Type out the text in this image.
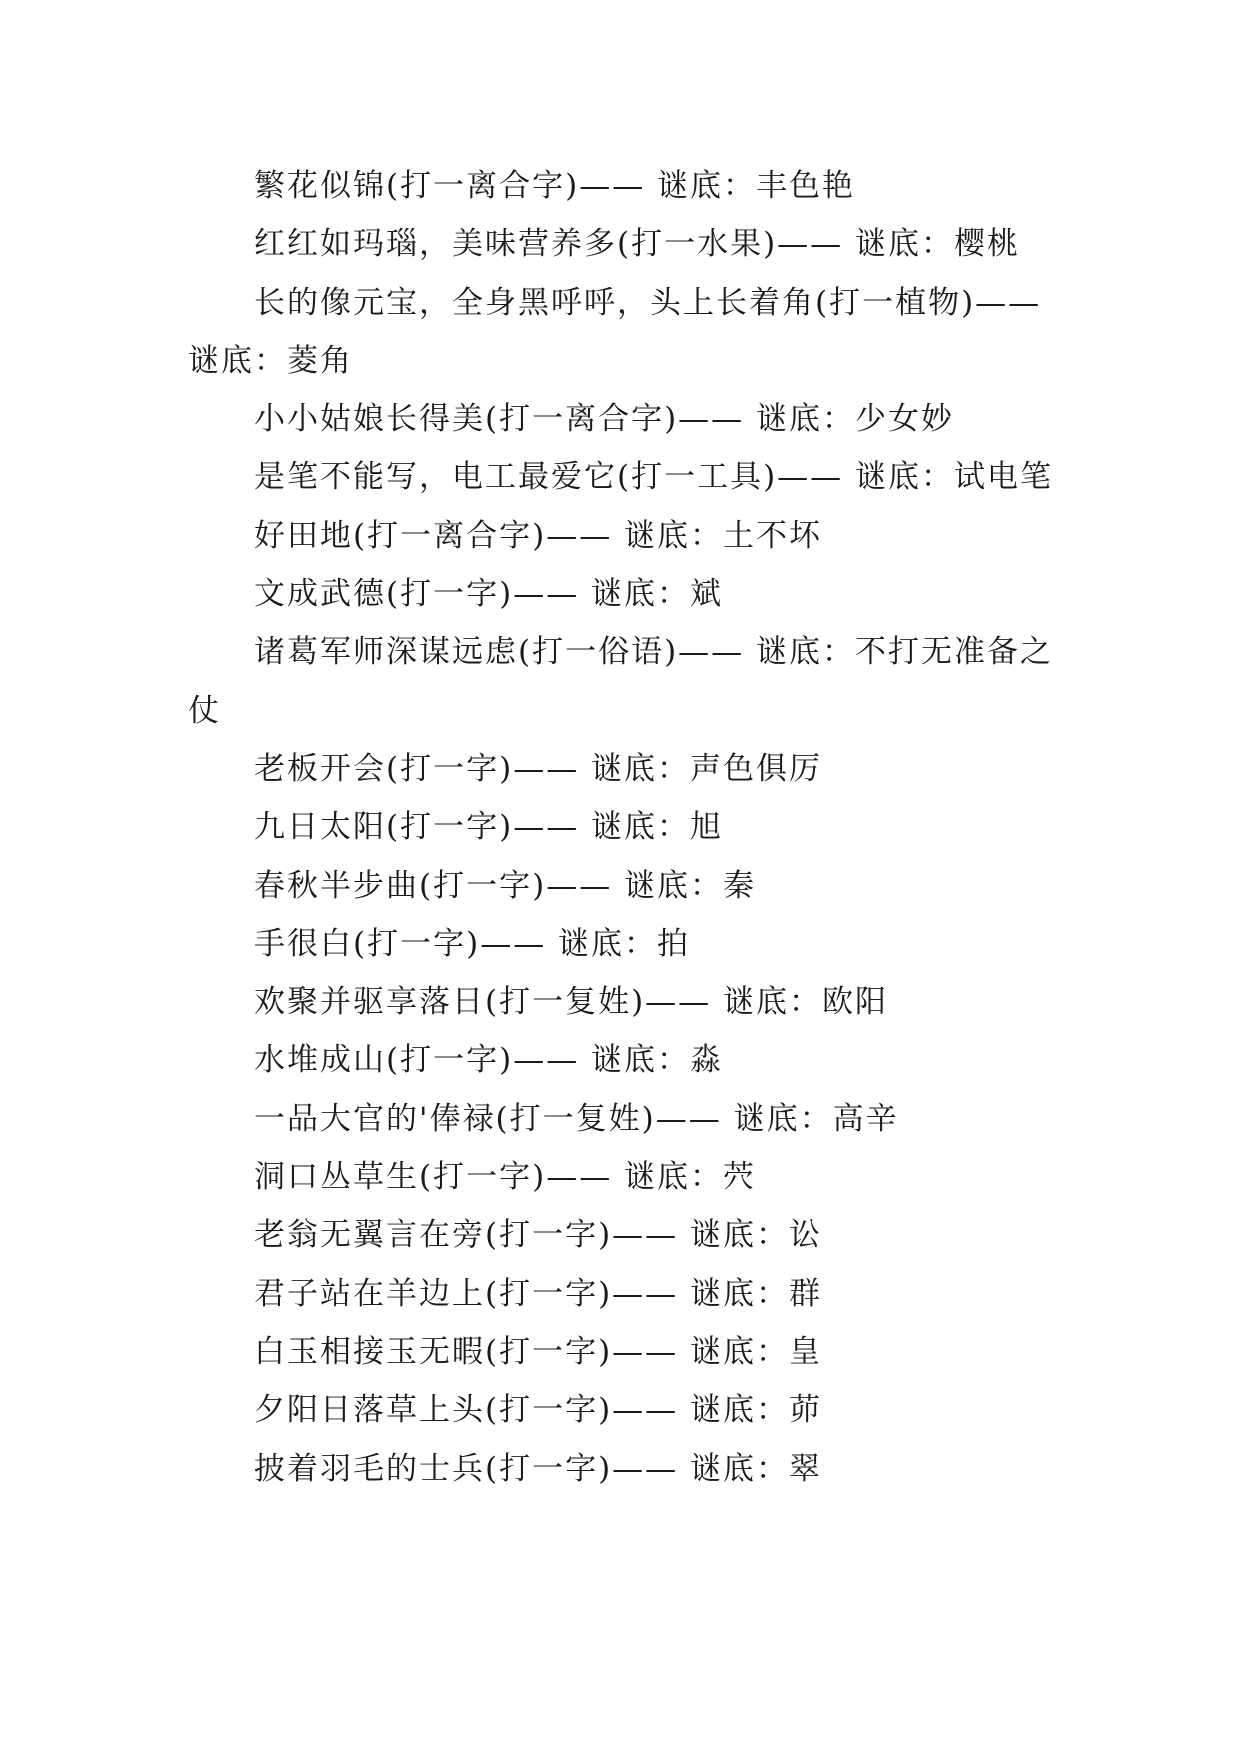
繁花似锦(打一离合字)—— 谜底：丰色艳

红红如玛瑙，美味营养多(打一水果)—— 谜底：樱桃

长的像元宝，全身黑呼呼，头上长着角(打一植物)——谜底：菱角

小小姑娘长得美(打一离合字)—— 谜底：少女妙

是笔不能写，电工最爱它(打一工具)—— 谜底：试电笔

好田地(打一离合字)—— 谜底：土不坏

文成武德(打一字)—— 谜底：斌

诸葛军师深谋远虑(打一俗语)—— 谜底：不打无准备之仗

老板开会(打一字)—— 谜底：声色俱厉

九日太阳(打一字)—— 谜底：旭

春秋半步曲(打一字)—— 谜底：秦

手很白(打一字)—— 谜底：拍

欢聚并驱享落日(打一复姓)—— 谜底：欧阳

水堆成山(打一字)—— 谜底：淼

一品大官的'俸禄(打一复姓)—— 谜底：高辛

洞口丛草生(打一字)—— 谜底：茓

老翁无翼言在旁(打一字)—— 谜底：讼

君子站在羊边上(打一字)—— 谜底：群

白玉相接玉无暇(打一字)—— 谜底：皇

夕阳日落草上头(打一字)—— 谜底：茆

披着羽毛的士兵(打一字)—— 谜底：翠
